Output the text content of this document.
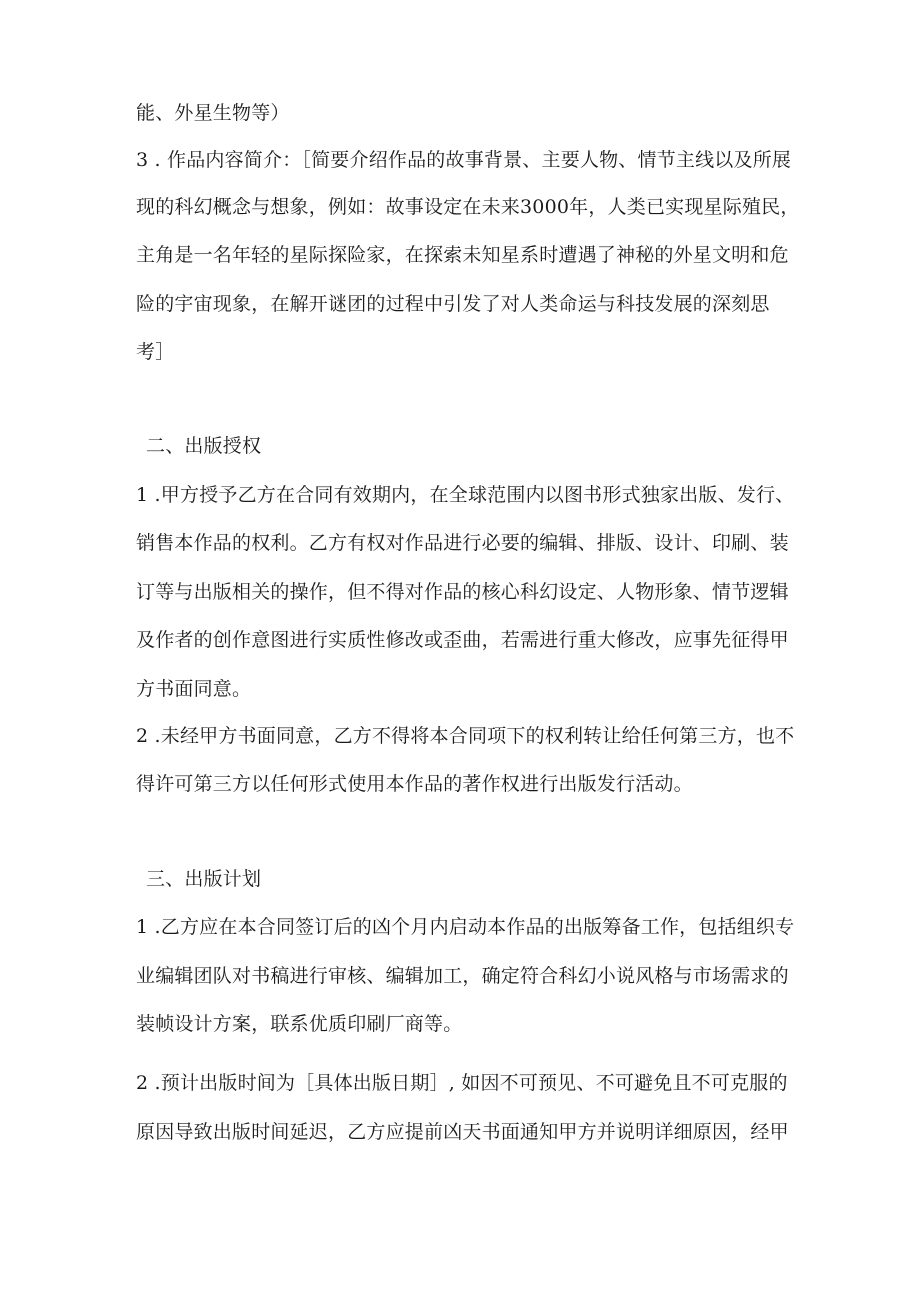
能、外星生物等）
3 . 作品内容简介：［简要介绍作品的故事背景、主要人物、情节主线以及所展
现的科幻概念与想象，例如：故事设定在未来3000年，人类已实现星际殖民，
主角是一名年轻的星际探险家，在探索未知星系时遭遇了神秘的外星文明和危
险的宇宙现象，在解开谜团的过程中引发了对人类命运与科技发展的深刻思
考］
二、出版授权
1 .甲方授予乙方在合同有效期内，在全球范围内以图书形式独家出版、发行、
销售本作品的权利。乙方有权对作品进行必要的编辑、排版、设计、印刷、装
订等与出版相关的操作，但不得对作品的核心科幻设定、人物形象、情节逻辑
及作者的创作意图进行实质性修改或歪曲，若需进行重大修改，应事先征得甲
方书面同意。
2 .未经甲方书面同意，乙方不得将本合同项下的权利转让给任何第三方，也不
得许可第三方以任何形式使用本作品的著作权进行出版发行活动。
三、出版计划
1 .乙方应在本合同签订后的凶个月内启动本作品的出版筹备工作，包括组织专
业编辑团队对书稿进行审核、编辑加工，确定符合科幻小说风格与市场需求的
装帧设计方案，联系优质印刷厂商等。
2 .预计出版时间为［具体出版日期］, 如因不可预见、不可避免且不可克服的
原因导致出版时间延迟，乙方应提前凶天书面通知甲方并说明详细原因，经甲
